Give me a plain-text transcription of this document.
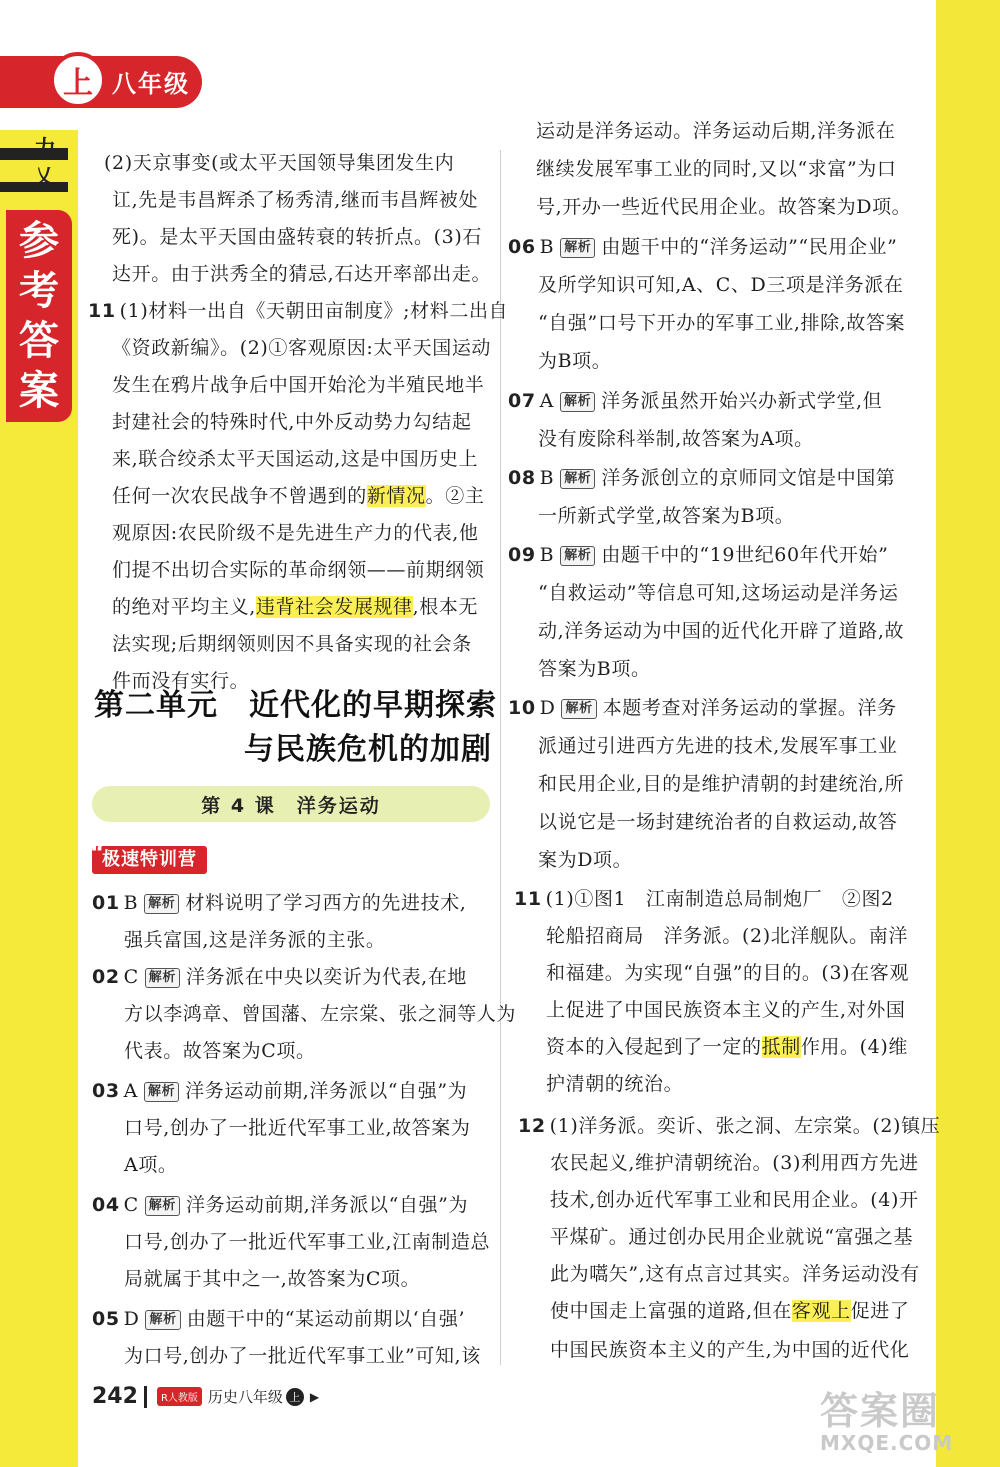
上 八年级
力
乂
参
考
答
案
(2)天京事变(或太平天国领导集团发生内
讧,先是韦昌辉杀了杨秀清,继而韦昌辉被处
死)。是太平天国由盛转衰的转折点。(3)石
达开。由于洪秀全的猜忌,石达开率部出走。
11 (1)材料一出自《天朝田亩制度》;材料二出自
《资政新编》。(2)①客观原因:太平天国运动
发生在鸦片战争后中国开始沦为半殖民地半
封建社会的特殊时代,中外反动势力勾结起
来,联合绞杀太平天国运动,这是中国历史上
任何一次农民战争不曾遇到的新情况。②主
观原因:农民阶级不是先进生产力的代表,他
们提不出切合实际的革命纲领——前期纲领
的绝对平均主义,违背社会发展规律,根本无
法实现;后期纲领则因不具备实现的社会条
件而没有实行。
第二单元　近代化的早期探索
与民族危机的加剧
第 4 课　洋务运动
“ 极速特训营
01 B 解析 材料说明了学习西方的先进技术,
强兵富国,这是洋务派的主张。
02 C 解析 洋务派在中央以奕䜣为代表,在地
方以李鸿章、曾国藩、左宗棠、张之洞等人为
代表。故答案为C项。
03 A 解析 洋务运动前期,洋务派以“自强”为
口号,创办了一批近代军事工业,故答案为
A项。
04 C 解析 洋务运动前期,洋务派以“自强”为
口号,创办了一批近代军事工业,江南制造总
局就属于其中之一,故答案为C项。
05 D 解析 由题干中的“某运动前期以‘自强’
为口号,创办了一批近代军事工业”可知,该
运动是洋务运动。洋务运动后期,洋务派在
继续发展军事工业的同时,又以“求富”为口
号,开办一些近代民用企业。故答案为D项。
06 B 解析 由题干中的“洋务运动”“民用企业”
及所学知识可知,A、C、D三项是洋务派在
“自强”口号下开办的军事工业,排除,故答案
为B项。
07 A 解析 洋务派虽然开始兴办新式学堂,但
没有废除科举制,故答案为A项。
08 B 解析 洋务派创立的京师同文馆是中国第
一所新式学堂,故答案为B项。
09 B 解析 由题干中的“19世纪60年代开始”
“自救运动”等信息可知,这场运动是洋务运
动,洋务运动为中国的近代化开辟了道路,故
答案为B项。
10 D 解析 本题考查对洋务运动的掌握。洋务
派通过引进西方先进的技术,发展军事工业
和民用企业,目的是维护清朝的封建统治,所
以说它是一场封建统治者的自救运动,故答
案为D项。
11 (1)①图1　江南制造总局制炮厂　②图2
轮船招商局　洋务派。(2)北洋舰队。南洋
和福建。为实现“自强”的目的。(3)在客观
上促进了中国民族资本主义的产生,对外国
资本的入侵起到了一定的抵制作用。(4)维
护清朝的统治。
12 (1)洋务派。奕䜣、张之洞、左宗棠。(2)镇压
农民起义,维护清朝统治。(3)利用西方先进
技术,创办近代军事工业和民用企业。(4)开
平煤矿。通过创办民用企业就说“富强之基
此为嚆矢”,这有点言过其实。洋务运动没有
使中国走上富强的道路,但在客观上促进了
中国民族资本主义的产生,为中国的近代化
242	R人教版 历史八年级 上 ▶	答案圈
MXQE.COM
